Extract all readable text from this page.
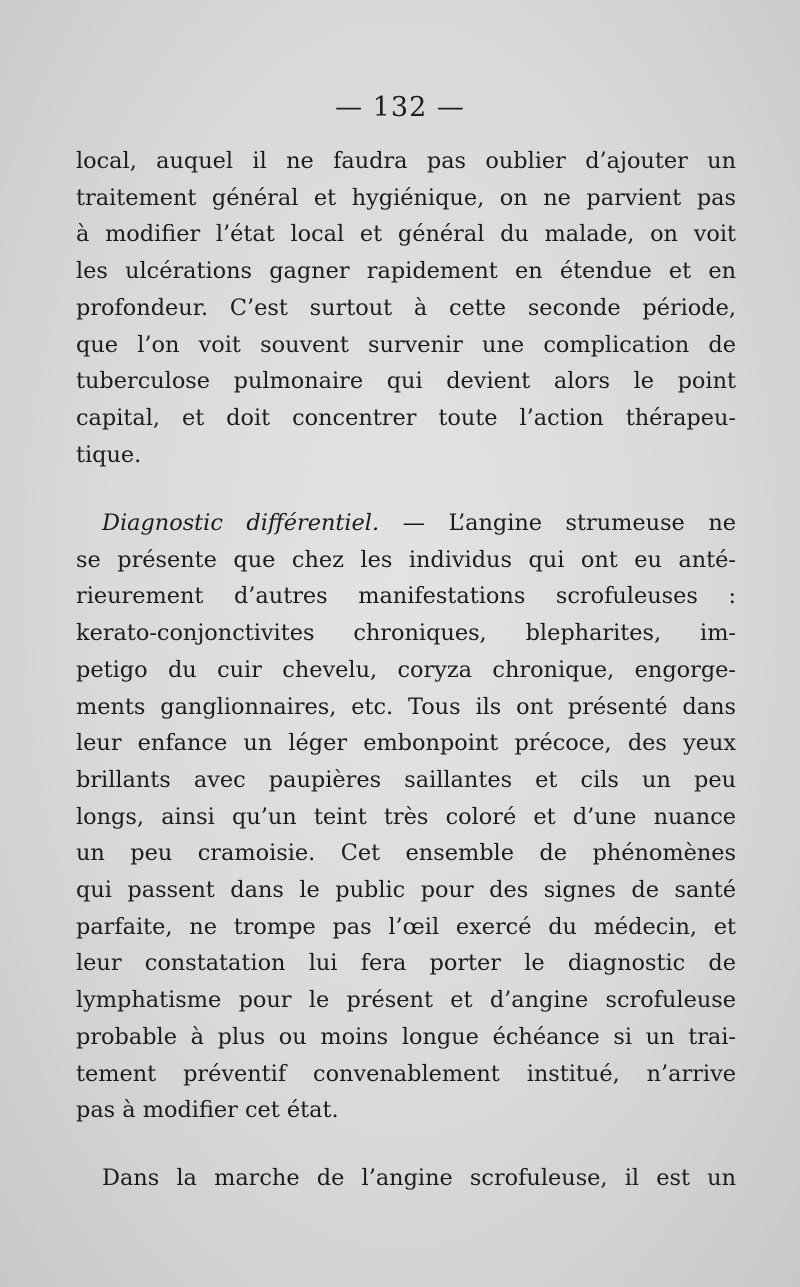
— 132 —
local, auquel il ne faudra pas oublier d’ajouter un
traitement général et hygiénique, on ne parvient pas
à modifier l’état local et général du malade, on voit
les ulcérations gagner rapidement en étendue et en
profondeur. C’est surtout à cette seconde période,
que l’on voit souvent survenir une complication de
tuberculose pulmonaire qui devient alors le point
capital, et doit concentrer toute l’action thérapeu-
tique.
Diagnostic différentiel. — L’angine strumeuse ne
se présente que chez les individus qui ont eu anté-
rieurement d’autres manifestations scrofuleuses :
kerato-conjonctivites chroniques, blepharites, im-
petigo du cuir chevelu, coryza chronique, engorge-
ments ganglionnaires, etc. Tous ils ont présenté dans
leur enfance un léger embonpoint précoce, des yeux
brillants avec paupières saillantes et cils un peu
longs, ainsi qu’un teint très coloré et d’une nuance
un peu cramoisie. Cet ensemble de phénomènes
qui passent dans le public pour des signes de santé
parfaite, ne trompe pas l’œil exercé du médecin, et
leur constatation lui fera porter le diagnostic de
lymphatisme pour le présent et d’angine scrofuleuse
probable à plus ou moins longue échéance si un trai-
tement préventif convenablement institué, n’arrive
pas à modifier cet état.
Dans la marche de l’angine scrofuleuse, il est un
